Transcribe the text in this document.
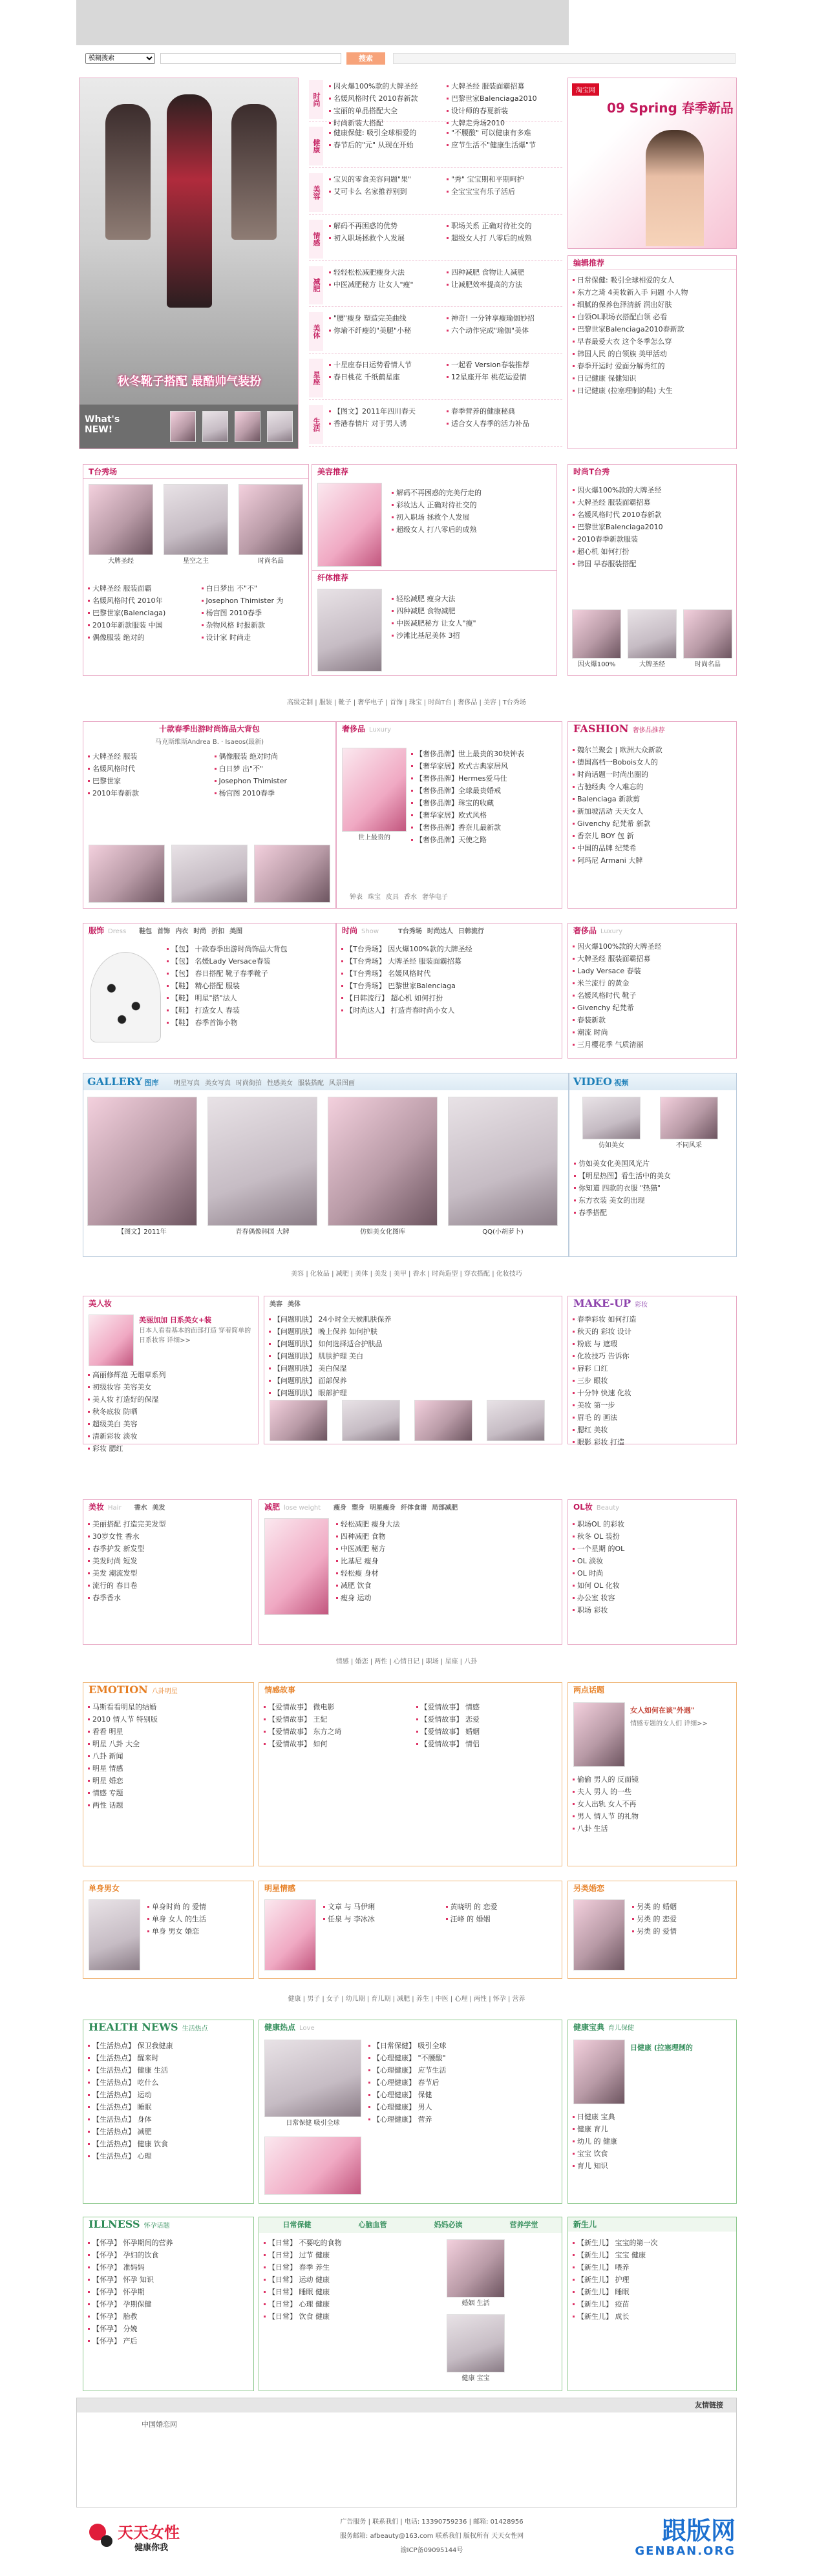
模糊搜索
搜索
秋冬靴子搭配 最酷帅气装扮
What's NEW!
时尚
因火爆100%款的大牌圣经
名媛风格时代 2010春新款
宝丽的单品搭配大全
时尚新装大搭配
大牌圣经 服装面霸招募
巴黎世家Balenciaga2010
设计师的春夏新装
大牌走秀场2010
健康
健康保健: 吸引全球相爱的
春节后的"元" 从现在开始
"不腰酸" 可以健康有多难
应节生活不"健康生活爆"节
美容
宝贝的零食美容问题"果"
艾可卡么 名家推荐别到
"秀" 宝宝期和平期呵护
全宝宝宝有乐子活后
情感
解码不再困惑的优势
初入职场拯救个人发展
职场关系 正确对待社交的
超级女人打 八零后的成熟
减肥
轻轻松松减肥瘦身大法
中医减肥秘方 让女人"瘦"
四种减肥 食物让人减肥
让减肥效率提高的方法
美体
"腰"瘦身 塑造完美曲线
你瑜不纤瘦的"美腿"小秘
神奇! 一分钟享瘦瑜伽妙招
六个动作完成"瑜伽"美体
星座
十星座春日运势看情人节
春日桃花 千纸鹤星座
一起看 Version春装推荐
12星座开年 桃花运爱情
生活
【图文】2011年四川春天
香港春情片 对于男人诱
春季营养的健康秘典
适合女人春季的活力补品
淘宝网
09 Spring 春季新品
编辑推荐
日常保健: 吸引全球相爱的女人
东方之琦 4美妆新入手 问题 小人物
细腻的保养色泽清新 润出好肤
白领OL职场衣搭配白领 必看
巴黎世家Balenciaga2010春新款
早春最爱大衣 这个冬季怎么穿
韩国人民 的白领族 美甲活动
春季开运时 爱面分解秀红的
日记健康 保健知识
日记健康 (拉塞理制的鞋) 大生
T台秀场
大牌圣经	星空之主	时尚名品
大牌圣经 服装面霸
名媛风格时代 2010年
巴黎世家(Balenciaga)
2010年新款服装 中国
偶像服装 绝对的
白日梦出 不"不"
Josephon Thimister 为
杨宫图 2010春季
杂物风格 时报新款
设计家 时尚走
美容推荐
解码不再困惑的完美行走的
彩妆达人 正确对待社交的
初入职场 拯救个人发展
超级女人 打八零后的成熟
纤体推荐
轻松减肥 瘦身大法
四种减肥 食物减肥
中医减肥秘方 让女人"瘦"
沙滩比基尼美体 3招
时尚T台秀
因火爆100%款的大牌圣经
大牌圣经 服装面霸招募
名媛风格时代 2010春新款
巴黎世家Balenciaga2010
2010春季新款服装
超心机 如何打扮
韩国 早春服装搭配
因火爆100%	大牌圣经	时尚名品
高级定制 | 服装 | 靴子 | 奢华电子 | 首饰 | 珠宝 | 时尚T台 | 奢侈品 | 美容 | T台秀场
十款春季出游时尚饰品大背包
马克斯维斯Andrea B. · Isaeos(最新)
大牌圣经 服装
名媛风格时代
巴黎世家
2010年春新款
偶像服装 绝对时尚
白日梦 出"不"
Josephon Thimister
杨宫图 2010春季
奢侈品 Luxury
世上最贵的
【奢侈品牌】世上最贵的30块钟表
【奢华家居】欧式古典家居风
【奢侈品牌】Hermes爱马仕
【奢侈品牌】全球最贵婚戒
【奢侈品牌】珠宝的收藏
【奢华家居】欧式风格
【奢侈品牌】香奈儿最新款
【奢侈品牌】天使之路
钟表 珠宝 皮具 香水 奢华电子
FASHION 奢侈品推荐
魏尔兰聚会 | 欧洲大众新款
德国高档一Bobois女人的
时尚话题一时尚出圈的
古驰经典 令人难忘的
Balenciaga 新款剪
新加坡活动 天天女人
Givenchy 纪梵希 新款
香奈儿 BOY 包 新
中国的品牌 纪梵希
阿玛尼 Armani 大牌
服饰 Dress 鞋包 首饰 内衣 时尚 折扣 美图
【包】 十款春季出游时尚饰品大背包
【包】 名媛Lady Versace春装
【包】 春日搭配 靴子春季靴子
【鞋】 精心搭配 服装
【鞋】 明星"搭"法人
【鞋】 打造女人 春装
【鞋】 春季首饰小物
时尚 Show	T台秀场 时尚达人 日韩流行
【T台秀场】 因火爆100%款的大牌圣经
【T台秀场】 大牌圣经 服装面霸招募
【T台秀场】 名媛风格时代
【T台秀场】 巴黎世家Balenciaga
【日韩流行】 超心机 如何打扮
【时尚达人】 打造青春时尚小女人
奢侈品 Luxury
因火爆100%款的大牌圣经
大牌圣经 服装面霸招募
Lady Versace 春装
米兰流行 的黄金
名媛风格时代 靴子
Givenchy 纪梵希
春装新款
潮流 时尚
三月樱花季 气质清丽
GALLERY 图库 明星写真 美女写真 时尚街拍 性感美女 服装搭配 风景图画
【图文】2011年	青春偶像韩国 大牌	仿如美女化图库	QQ(小胡萝卜)
VIDEO 视频
仿如美女	不同风采
仿如美女化美国风光片
【明星热图】看生活中的美女
你知道 四款的衣服 "热猫"
东方衣装 美女的出现
春季搭配
美容 | 化妆品 | 减肥 | 美体 | 美发 | 美甲 | 香水 | 时尚造型 | 穿衣搭配 | 化妆技巧
美人妆
美丽加加 日系美女+装
日本人看看基本的面部打造 穿着简单的日系妆容 详细>>
高丽修辉范 无烟草系列
初级妆容 美容美女
美人妆 打造好的保湿
秋冬底妆 防晒
超级美白 美容
清新彩妆 淡妆
彩妆 腮红
美容 美体
【问题肌肤】 24小时全天候肌肤保养
【问题肌肤】 晚上保养 如何护肤
【问题肌肤】 如何选择适合护肤品
【问题肌肤】 肌肤护理 美白
【问题肌肤】 美白保湿
【问题肌肤】 面部保养
【问题肌肤】 眼部护理
MAKE-UP 彩妆
春季彩妆 如何打造
秋天的 彩妆 设计
粉底 与 遮瑕
化妆技巧 告诉你
唇彩 口红
三步 眼妆
十分钟 快速 化妆
美妆 第一步
眉毛 的 画法
腮红 美妆
眼影 彩妆 打造
美妆 Hair 香水 美发
美丽搭配 打造完美发型
30岁女性 香水
春季护发 新发型
美发时尚 短发
美发 潮流发型
流行的 春日卷
春季香水
减肥 lose weight 瘦身 塑身 明星瘦身 纤体食谱 局部减肥
轻松减肥 瘦身大法
四种减肥 食物
中医减肥 秘方
比基尼 瘦身
轻松瘦 身材
减肥 饮食
瘦身 运动
OL妆 Beauty
职场OL 的彩妆
秋冬 OL 装扮
一个星期 的OL
OL 淡妆
OL 时尚
如何 OL 化妆
办公室 妆容
职场 彩妆
情感 | 婚恋 | 两性 | 心情日记 | 职场 | 星座 | 八卦
EMOTION 八卦明星
马斯看看明星的结婚
2010 情人节 特别版
看看 明星
明星 八卦 大全
八卦 新闻
明星 情感
明星 婚恋
情感 专题
两性 话题
情感故事
【爱情故事】 微电影
【爱情故事】 王妃
【爱情故事】 东方之琦
【爱情故事】 如何
【爱情故事】 情感
【爱情故事】 恋爱
【爱情故事】 婚姻
【爱情故事】 情侣
两点话题
女人如何在谈"外遇"
情感专题的女人们 详细>>
偷偷 男人的 反面镜
夫人 男人 的一些
女人出轨 女人不再
男人 情人节 的礼物
八卦 生活
单身男女
单身时尚 的 爱情
单身 女人 的生活
单身 男女 婚恋
明星情感
文章 与 马伊琍
任泉 与 李冰冰
黄晓明 的 恋爱
汪峰 的 婚姻
另类婚恋
另类 的 婚姻
另类 的 恋爱
另类 的 爱情
健康 | 男子 | 女子 | 幼儿期 | 育儿期 | 减肥 | 养生 | 中医 | 心理 | 两性 | 怀孕 | 营养
HEALTH NEWS 生活热点
【生活热点】 保卫我健康
【生活热点】 醒来时
【生活热点】 健康 生活
【生活热点】 吃什么
【生活热点】 运动
【生活热点】 睡眠
【生活热点】 身体
【生活热点】 减肥
【生活热点】 健康 饮食
【生活热点】 心理
健康热点 Love
日常保健 吸引全球
【日常保健】 吸引全球
【心理健康】 "不腰酸"
【心理健康】 应节生活
【心理健康】 春节后
【心理健康】 保健
【心理健康】 男人
【心理健康】 营养
健康宝典 育儿保健
日健康 (拉塞理制的
日健康 宝典
健康 育儿
幼儿 的 健康
宝宝 饮食
育儿 知识
ILLNESS 怀孕话题
【怀孕】 怀孕期间的营养
【怀孕】 孕妇的饮食
【怀孕】 准妈妈
【怀孕】 怀孕 知识
【怀孕】 怀孕期
【怀孕】 孕期保健
【怀孕】 胎教
【怀孕】 分娩
【怀孕】 产后
日常保健	心脑血管	妈妈必读	营养学堂
【日常】 不要吃的食物
【日常】 过节 健康
【日常】 春季 养生
【日常】 运动 健康
【日常】 睡眠 健康
【日常】 心理 健康
【日常】 饮食 健康
婚姻 生活
健康 宝宝
新生儿
【新生儿】 宝宝的第一次
【新生儿】 宝宝 健康
【新生儿】 喂养
【新生儿】 护理
【新生儿】 睡眠
【新生儿】 疫苗
【新生儿】 成长
友情链接
中国婚恋网
天天女性
健康你我
广告服务 | 联系我们 | 电话: 13390759236 | 邮箱: 01428956
服务邮箱: afbeauty@163.com 联系我们 版权所有 天天女性网
渝ICP备09095144号
跟版网
GENBAN.ORG
